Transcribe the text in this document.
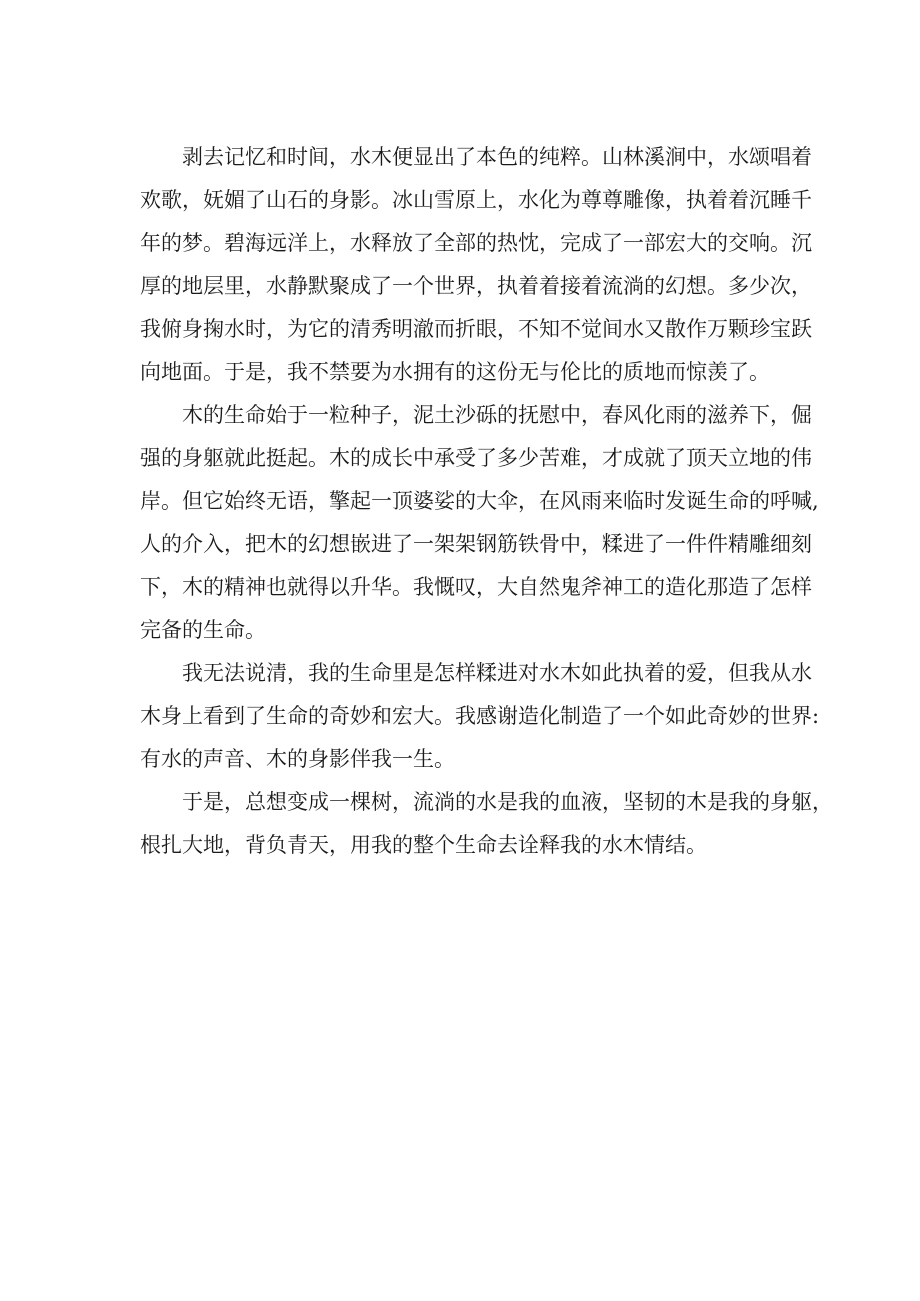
剥去记忆和时间，水木便显出了本色的纯粹。山林溪涧中，水颂唱着
欢歌，妩媚了山石的身影。冰山雪原上，水化为尊尊雕像，执着着沉睡千
年的梦。碧海远洋上，水释放了全部的热忱，完成了一部宏大的交响。沉
厚的地层里，水静默聚成了一个世界，执着着接着流淌的幻想。多少次，
我俯身掬水时，为它的清秀明澈而折眼，不知不觉间水又散作万颗珍宝跃
向地面。于是，我不禁要为水拥有的这份无与伦比的质地而惊羡了。

木的生命始于一粒种子，泥土沙砾的抚慰中，春风化雨的滋养下，倔
强的身躯就此挺起。木的成长中承受了多少苦难，才成就了顶天立地的伟
岸。但它始终无语，擎起一顶婆娑的大伞，在风雨来临时发诞生命的呼喊,
人的介入，把木的幻想嵌进了一架架钢筋铁骨中，糅进了一件件精雕细刻
下，木的精神也就得以升华。我慨叹，大自然鬼斧神工的造化那造了怎样
完备的生命。

我无法说清，我的生命里是怎样糅进对水木如此执着的爱，但我从水
木身上看到了生命的奇妙和宏大。我感谢造化制造了一个如此奇妙的世界:
有水的声音、木的身影伴我一生。

于是，总想变成一棵树，流淌的水是我的血液，坚韧的木是我的身躯，
根扎大地，背负青天，用我的整个生命去诠释我的水木情结。
